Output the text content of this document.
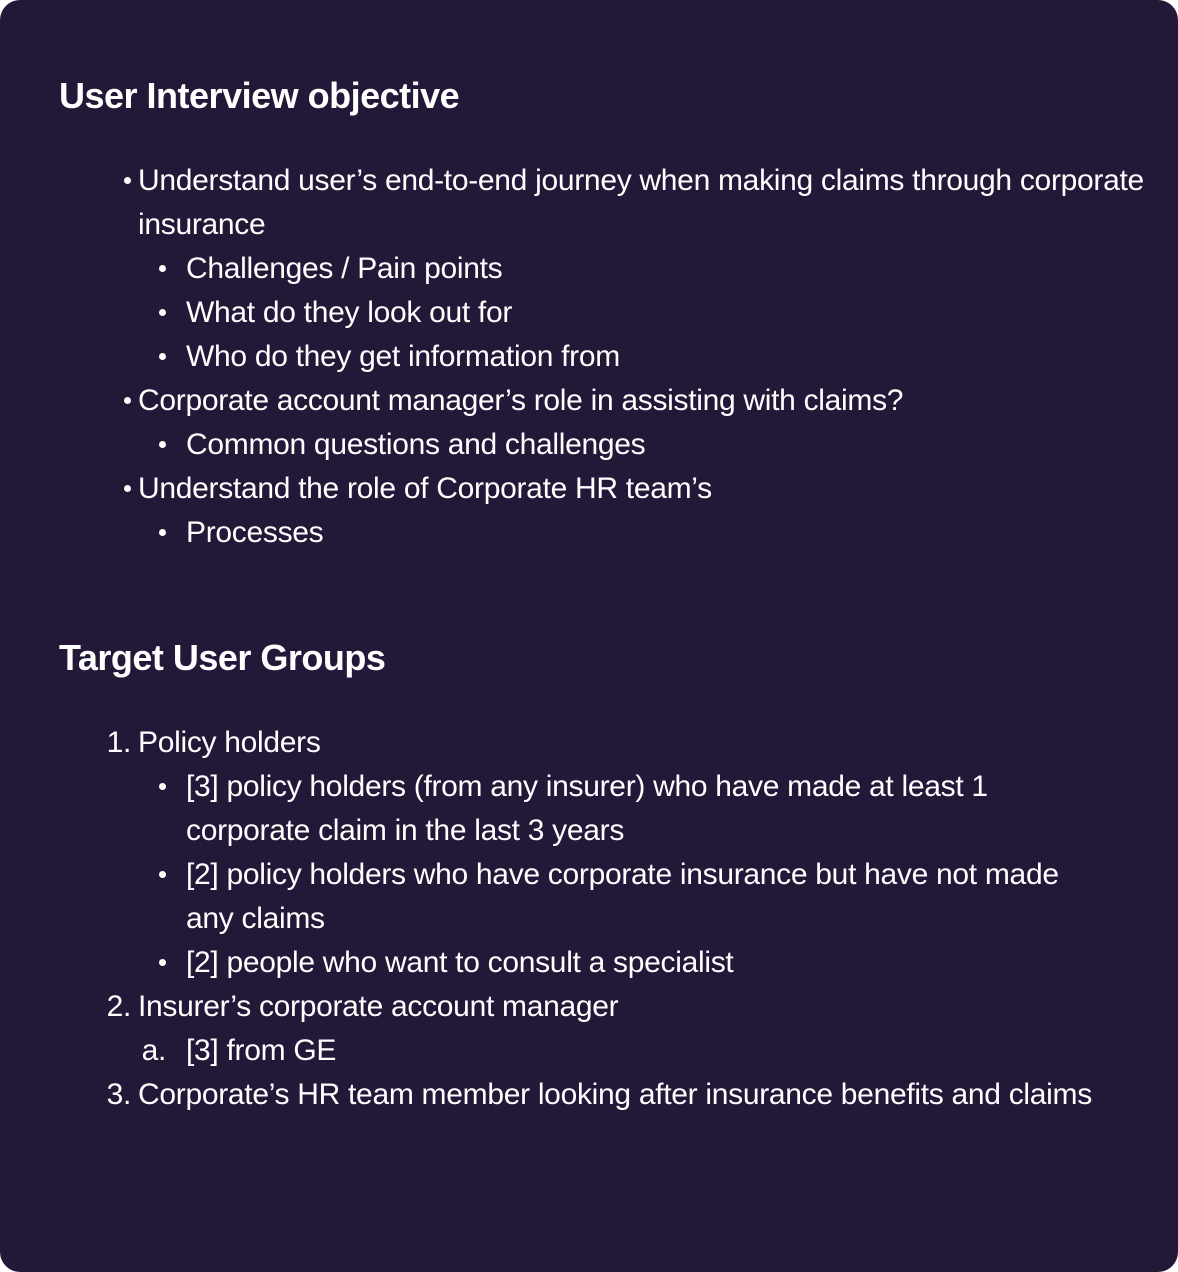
User Interview objective
Understand user’s end-to-end journey when making claims through corporate insurance
Challenges / Pain points
What do they look out for
Who do they get information from
Corporate account manager’s role in assisting with claims?
Common questions and challenges
Understand the role of Corporate HR team’s
Processes
Target User Groups
1. Policy holders
[3] policy holders (from any insurer) who have made at least 1 corporate claim in the last 3 years
[2] policy holders who have corporate insurance but have not made any claims
[2] people who want to consult a specialist
2. Insurer’s corporate account manager
a. [3] from GE
3. Corporate’s HR team member looking after insurance benefits and claims
